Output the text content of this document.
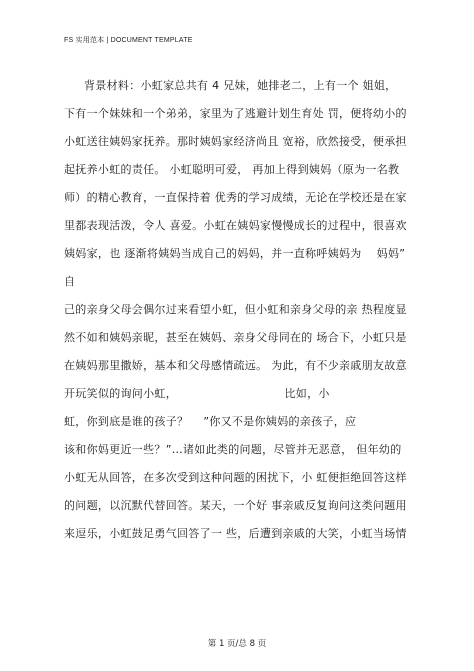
FS 实用范本 | DOCUMENT TEMPLATE
背景材料：小虹家总共有 4 兄妹，她排老二，上有一个 姐姐，
下有一个妹妹和一个弟弟，家里为了逃避计划生育处 罚，便将幼小的
小虹送往姨妈家抚养。那时姨妈家经济尚且 宽裕，欣然接受，便承担
起抚养小虹的责任。 小虹聪明可爱， 再加上得到姨妈（原为一名教
师）的精心教育，一直保持着 优秀的学习成绩，无论在学校还是在家
里都表现活泼，令人 喜爱。小虹在姨妈家慢慢成长的过程中，很喜欢
姨妈家，也 逐渐将姨妈当成自己的妈妈，并一直称呼姨妈为　 妈妈”
自
己的亲身父母会偶尔过来看望小虹，但小虹和亲身父母的亲 热程度显
然不如和姨妈亲昵，甚至在姨妈、亲身父母同在的 场合下，小虹只是
在姨妈那里撒娇，基本和父母感情疏远。 为此，有不少亲戚朋友故意
开玩笑似的询问小虹，　　　　　　　　　　比如，小
虹，你到底是谁的孩子？　 ”你又不是你姨妈的亲孩子，应
该和你妈更近一些？”…诸如此类的问题，尽管并无恶意， 但年幼的
小虹无从回答，在多次受到这种问题的困扰下，小 虹便拒绝回答这样
的问题，以沉默代替回答。某天，一个好 事亲戚反复询问这类问题用
来逗乐，小虹鼓足勇气回答了一 些，后遭到亲戚的大笑，小虹当场情
第 1 页/总 8 页
